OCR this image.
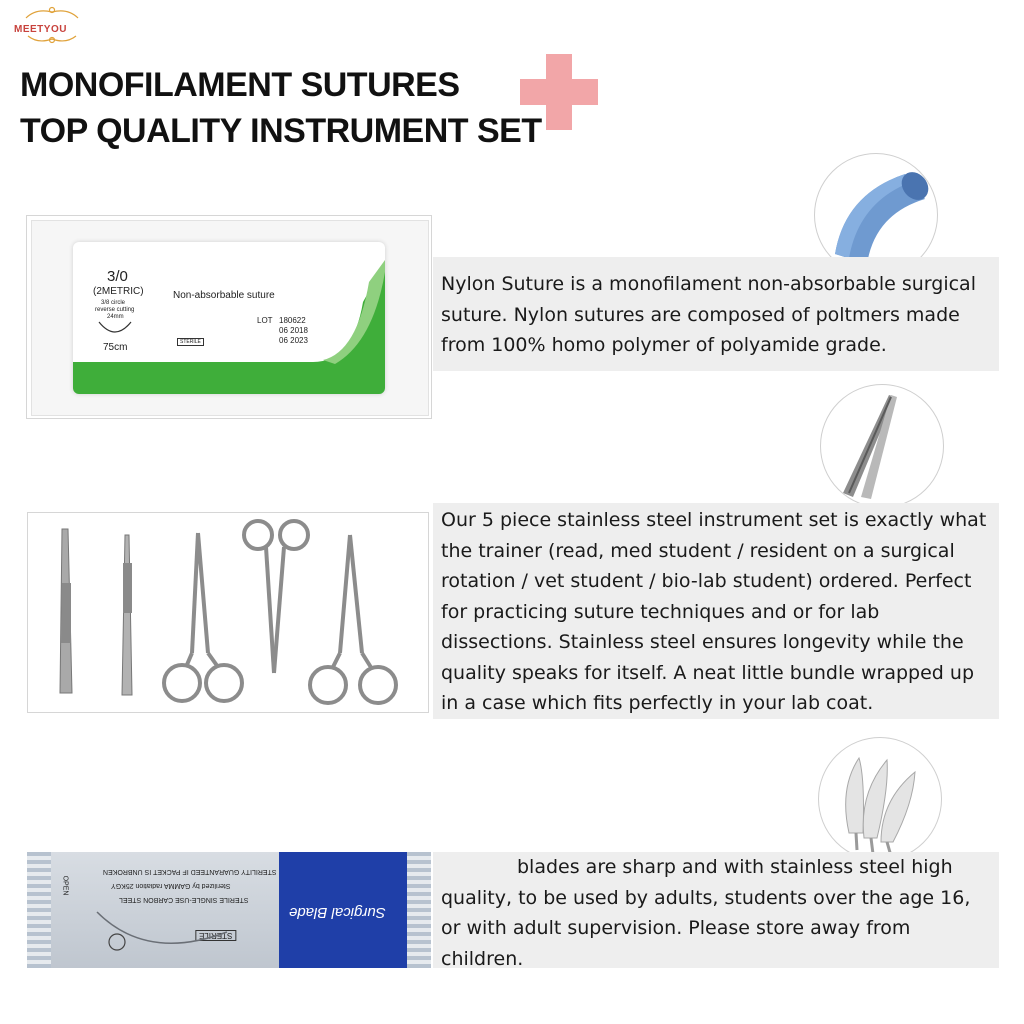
MEETYOU
MONOFILAMENT SUTURES
TOP QUALITY INSTRUMENT SET
3/0
(2METRIC)
3/8 circle
reverse cutting
24mm
75cm
Non-absorbable suture
LOT 180622
06 2018
06 2023
STERILE
Nylon Suture is a monofilament non-absorbable surgical
suture. Nylon sutures are composed of poltmers made
from 100% homo polymer of polyamide grade.
Our 5 piece stainless steel instrument set is exactly what
the trainer (read, med student / resident on a surgical
rotation / vet student / bio-lab student) ordered. Perfect
for practicing suture techniques and or for lab
dissections. Stainless steel ensures longevity while the
quality speaks for itself. A neat little bundle wrapped up
in a case which fits perfectly in your lab coat.
Surgical Blade
STERILITY GUARANTEED IF PACKET IS UNBROKEN
Sterilized by GAMMA radiation 25KGY
STERILE SINGLE-USE CARBON STEEL
STERILE
OPEN
blades are sharp and with stainless steel high
quality, to be used by adults, students over the age 16,
or with adult supervision. Please store away from
children.
